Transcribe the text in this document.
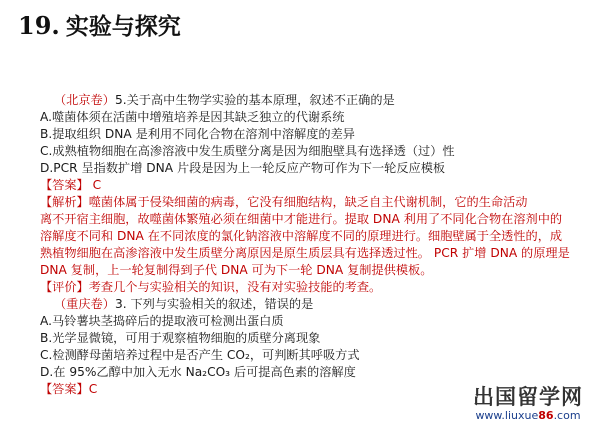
19. 实验与探究
（北京卷）5.关于高中生物学实验的基本原理，叙述不正确的是
A.噬菌体须在活菌中增殖培养是因其缺乏独立的代谢系统
B.提取组织 DNA 是利用不同化合物在溶剂中溶解度的差异
C.成熟植物细胞在高渗溶液中发生质壁分离是因为细胞壁具有选择透（过）性
D.PCR 呈指数扩增 DNA 片段是因为上一轮反应产物可作为下一轮反应模板
【答案】 C
【解析】噬菌体属于侵染细菌的病毒，它没有细胞结构，缺乏自主代谢机制，它的生命活动
离不开宿主细胞，故噬菌体繁殖必须在细菌中才能进行。提取 DNA 利用了不同化合物在溶剂中的
溶解度不同和 DNA 在不同浓度的氯化钠溶液中溶解度不同的原理进行。细胞壁属于全透性的，成
熟植物细胞在高渗溶液中发生质壁分离原因是原生质层具有选择透过性。 PCR 扩增 DNA 的原理是
DNA 复制，上一轮复制得到子代 DNA 可为下一轮 DNA 复制提供模板。
【评价】考查几个与实验相关的知识，没有对实验技能的考查。
（重庆卷）3. 下列与实验相关的叙述，错误的是
A.马铃薯块茎捣碎后的提取液可检测出蛋白质
B.光学显微镜，可用于观察植物细胞的质壁分离现象
C.检测酵母菌培养过程中是否产生 CO₂，可判断其呼吸方式
D.在 95%乙醇中加入无水 Na₂CO₃ 后可提高色素的溶解度
【答案】C	出国留学网
www.liuxue86.com
